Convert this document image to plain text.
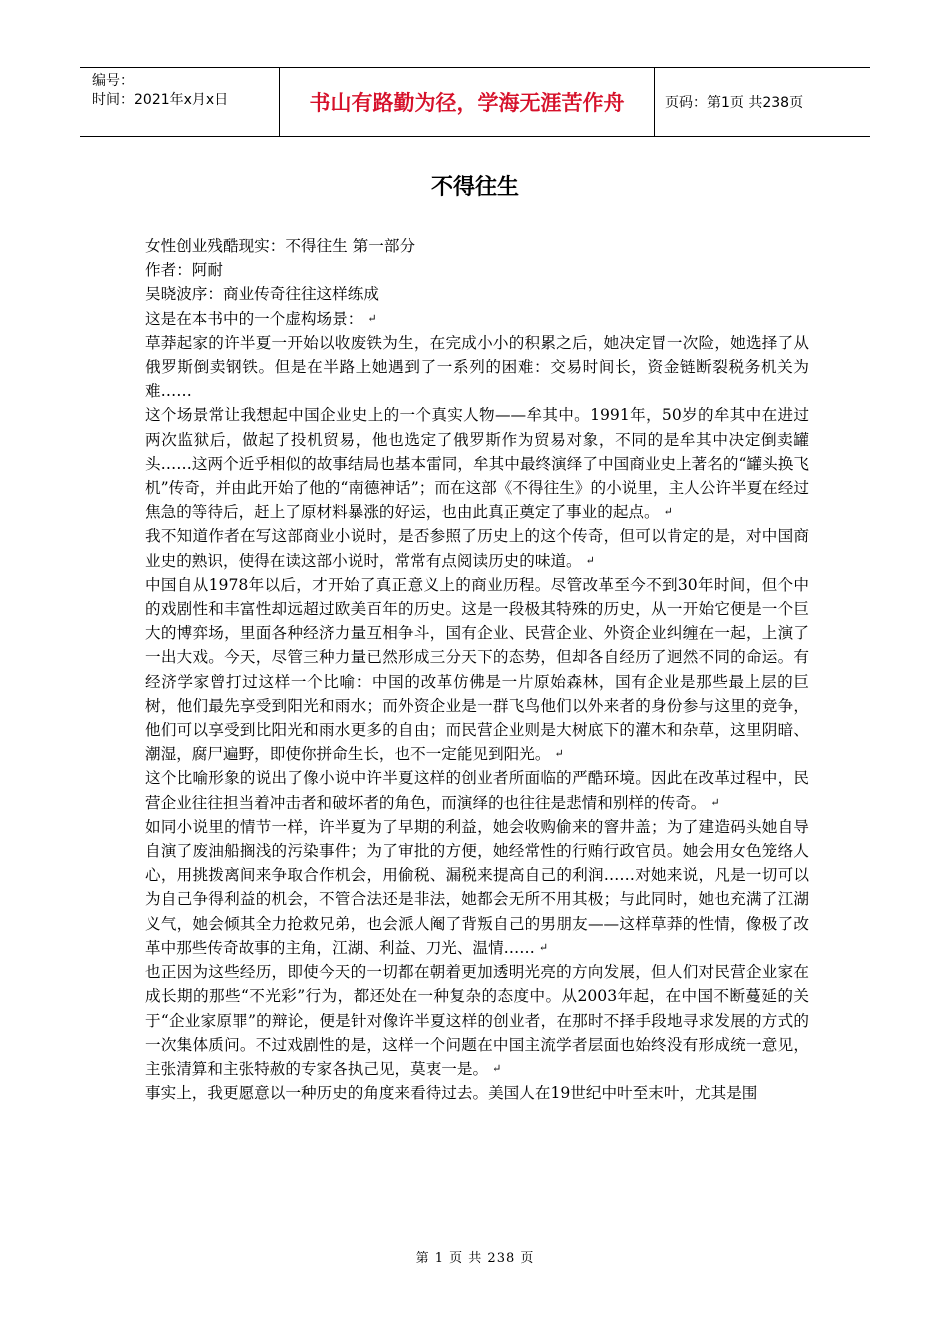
编号：
时间：2021年x月x日	书山有路勤为径，学海无涯苦作舟	页码：第1页 共238页
不得往生

女性创业残酷现实：不得往生 第一部分

作者：阿耐

吴晓波序：商业传奇往往这样练成

这是在本书中的一个虚构场景： ↵

草莽起家的许半夏一开始以收废铁为生，在完成小小的积累之后，她决定冒一次险，她选择了从俄罗斯倒卖钢铁。但是在半路上她遇到了一系列的困难：交易时间长，资金链断裂税务机关为难……

这个场景常让我想起中国企业史上的一个真实人物——牟其中。1991年，50岁的牟其中在进过两次监狱后，做起了投机贸易，他也选定了俄罗斯作为贸易对象，不同的是牟其中决定倒卖罐头……这两个近乎相似的故事结局也基本雷同，牟其中最终演绎了中国商业史上著名的“罐头换飞机”传奇，并由此开始了他的“南德神话”；而在这部《不得往生》的小说里，主人公许半夏在经过焦急的等待后，赶上了原材料暴涨的好运，也由此真正奠定了事业的起点。 ↵

我不知道作者在写这部商业小说时，是否参照了历史上的这个传奇，但可以肯定的是，对中国商业史的熟识，使得在读这部小说时，常常有点阅读历史的味道。 ↵

中国自从1978年以后，才开始了真正意义上的商业历程。尽管改革至今不到30年时间，但个中的戏剧性和丰富性却远超过欧美百年的历史。这是一段极其特殊的历史，从一开始它便是一个巨大的博弈场，里面各种经济力量互相争斗，国有企业、民营企业、外资企业纠缠在一起，上演了一出大戏。今天，尽管三种力量已然形成三分天下的态势，但却各自经历了迥然不同的命运。有经济学家曾打过这样一个比喻：中国的改革仿佛是一片原始森林，国有企业是那些最上层的巨树，他们最先享受到阳光和雨水；而外资企业是一群飞鸟他们以外来者的身份参与这里的竞争，他们可以享受到比阳光和雨水更多的自由；而民营企业则是大树底下的灌木和杂草，这里阴暗、潮湿，腐尸遍野，即使你拼命生长，也不一定能见到阳光。 ↵

这个比喻形象的说出了像小说中许半夏这样的创业者所面临的严酷环境。因此在改革过程中，民营企业往往担当着冲击者和破坏者的角色，而演绎的也往往是悲情和别样的传奇。 ↵

如同小说里的情节一样，许半夏为了早期的利益，她会收购偷来的窨井盖；为了建造码头她自导自演了废油船搁浅的污染事件；为了审批的方便，她经常性的行贿行政官员。她会用女色笼络人心，用挑拨离间来争取合作机会，用偷税、漏税来提高自己的利润……对她来说，凡是一切可以为自己争得利益的机会，不管合法还是非法，她都会无所不用其极；与此同时，她也充满了江湖义气，她会倾其全力抢救兄弟，也会派人阉了背叛自己的男朋友——这样草莽的性情，像极了改革中那些传奇故事的主角，江湖、利益、刀光、温情…… ↵

也正因为这些经历，即使今天的一切都在朝着更加透明光亮的方向发展，但人们对民营企业家在成长期的那些“不光彩”行为，都还处在一种复杂的态度中。从2003年起，在中国不断蔓延的关于“企业家原罪”的辩论，便是针对像许半夏这样的创业者，在那时不择手段地寻求发展的方式的一次集体质问。不过戏剧性的是，这样一个问题在中国主流学者层面也始终没有形成统一意见，主张清算和主张特赦的专家各执己见，莫衷一是。 ↵

事实上，我更愿意以一种历史的角度来看待过去。美国人在19世纪中叶至末叶，尤其是围

第 1 页 共 238 页
